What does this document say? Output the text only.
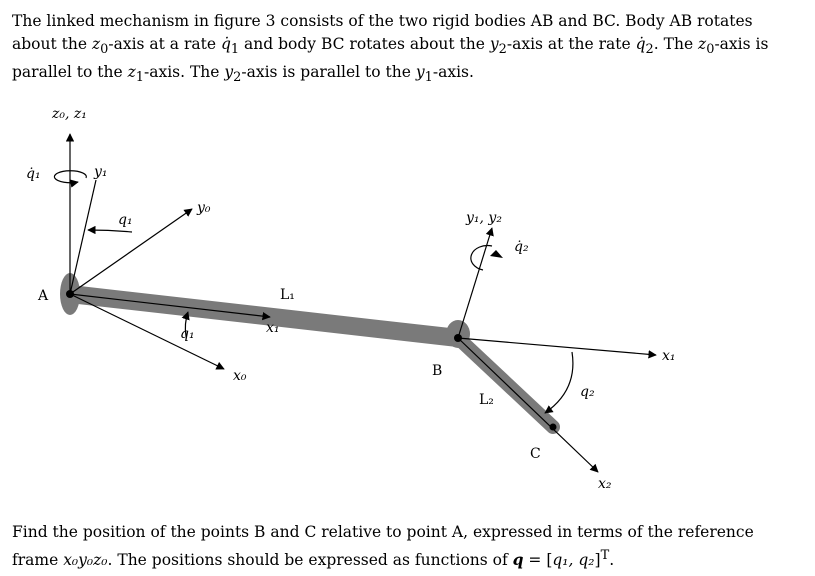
The linked mechanism in figure 3 consists of the two rigid bodies AB and BC. Body AB rotates about the $z_0$-axis at a rate $q̇_1$ and body BC rotates about the $y_2$-axis at the rate $q̇_2$. The $z_0$-axis is parallel to the $z_1$-axis. The $y_2$-axis is parallel to the $y_1$-axis.
z₀, z₁
q̇₁	y₁
q₁
y₀
A	L₁
x₁
q₁
x₀
y₁, y₂
q̇₂
B
x₁
L₂	q₂
C
x₂
Find the position of the points B and C relative to point A, expressed in terms of the reference frame x₀y₀z₀. The positions should be expressed as functions of q = [q₁, q₂]$^T$.
